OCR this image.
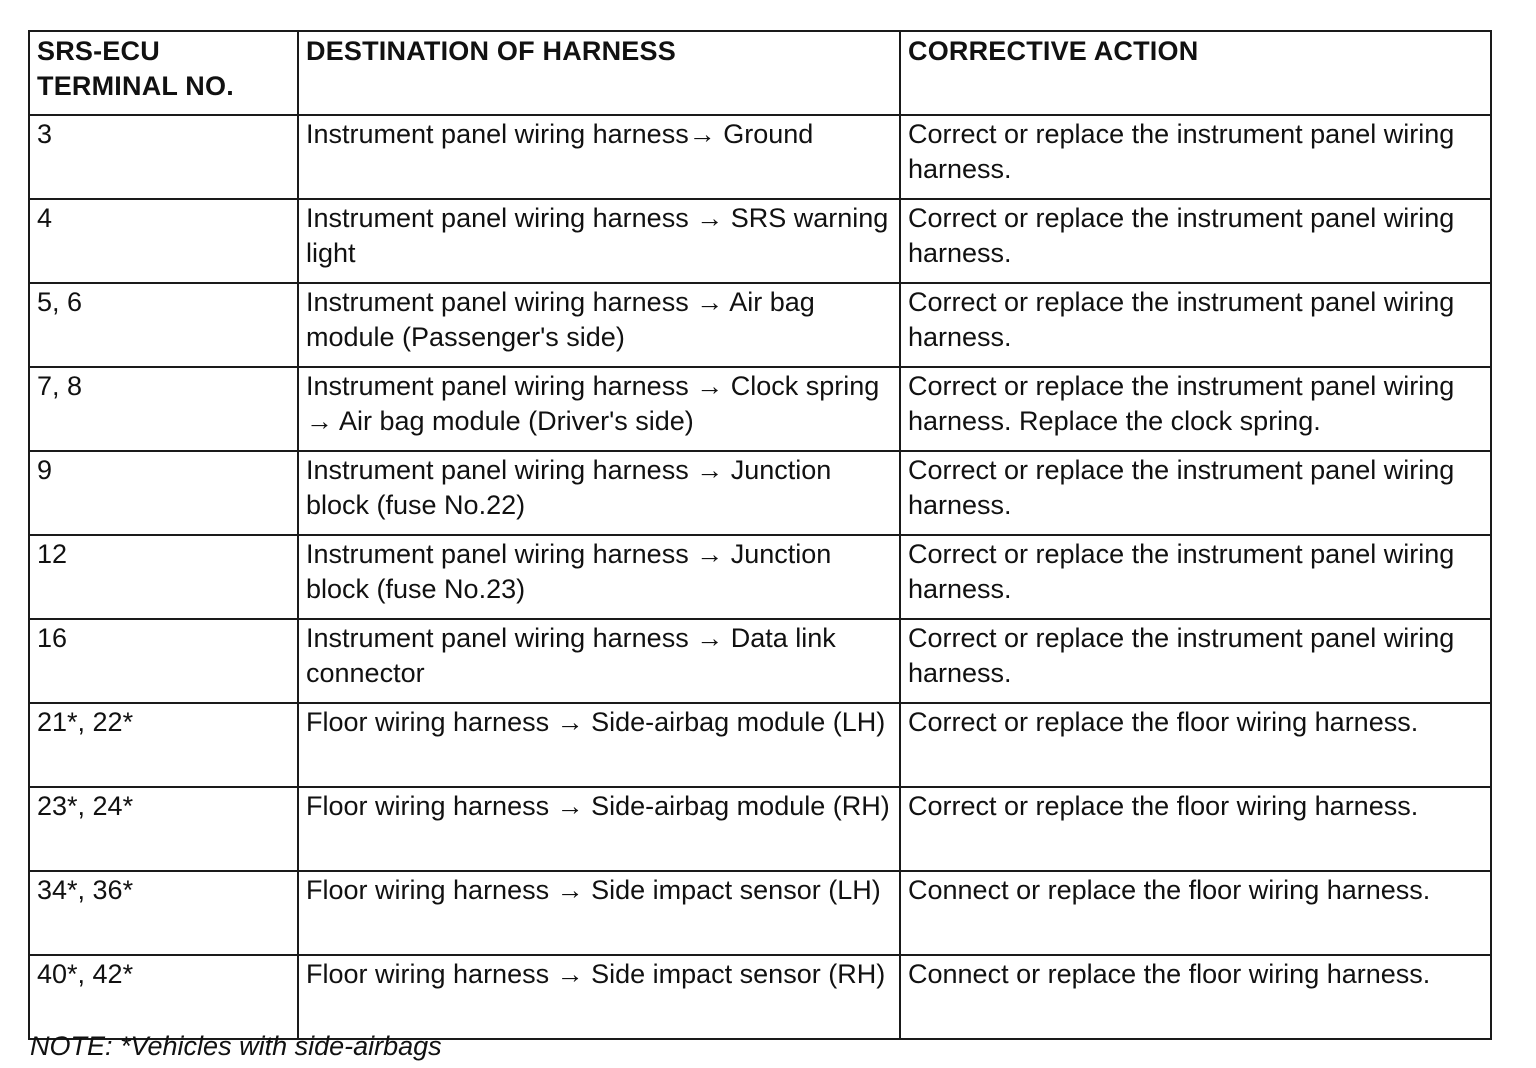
SRS-ECU
TERMINAL NO.	DESTINATION OF HARNESS	CORRECTIVE ACTION
3	Instrument panel wiring harness→ Ground	Correct or replace the instrument panel wiring harness.
4	Instrument panel wiring harness → SRS warning light	Correct or replace the instrument panel wiring harness.
5, 6	Instrument panel wiring harness → Air bag module (Passenger's side)	Correct or replace the instrument panel wiring harness.
7, 8	Instrument panel wiring harness → Clock spring → Air bag module (Driver's side)	Correct or replace the instrument panel wiring harness. Replace the clock spring.
9	Instrument panel wiring harness → Junction block (fuse No.22)	Correct or replace the instrument panel wiring harness.
12	Instrument panel wiring harness → Junction block (fuse No.23)	Correct or replace the instrument panel wiring harness.
16	Instrument panel wiring harness → Data link connector	Correct or replace the instrument panel wiring harness.
21*, 22*	Floor wiring harness → Side-airbag module (LH)	Correct or replace the floor wiring harness.
23*, 24*	Floor wiring harness → Side-airbag module (RH)	Correct or replace the floor wiring harness.
34*, 36*	Floor wiring harness → Side impact sensor (LH)	Connect or replace the floor wiring harness.
40*, 42*	Floor wiring harness → Side impact sensor (RH)	Connect or replace the floor wiring harness.
NOTE: *Vehicles with side-airbags
